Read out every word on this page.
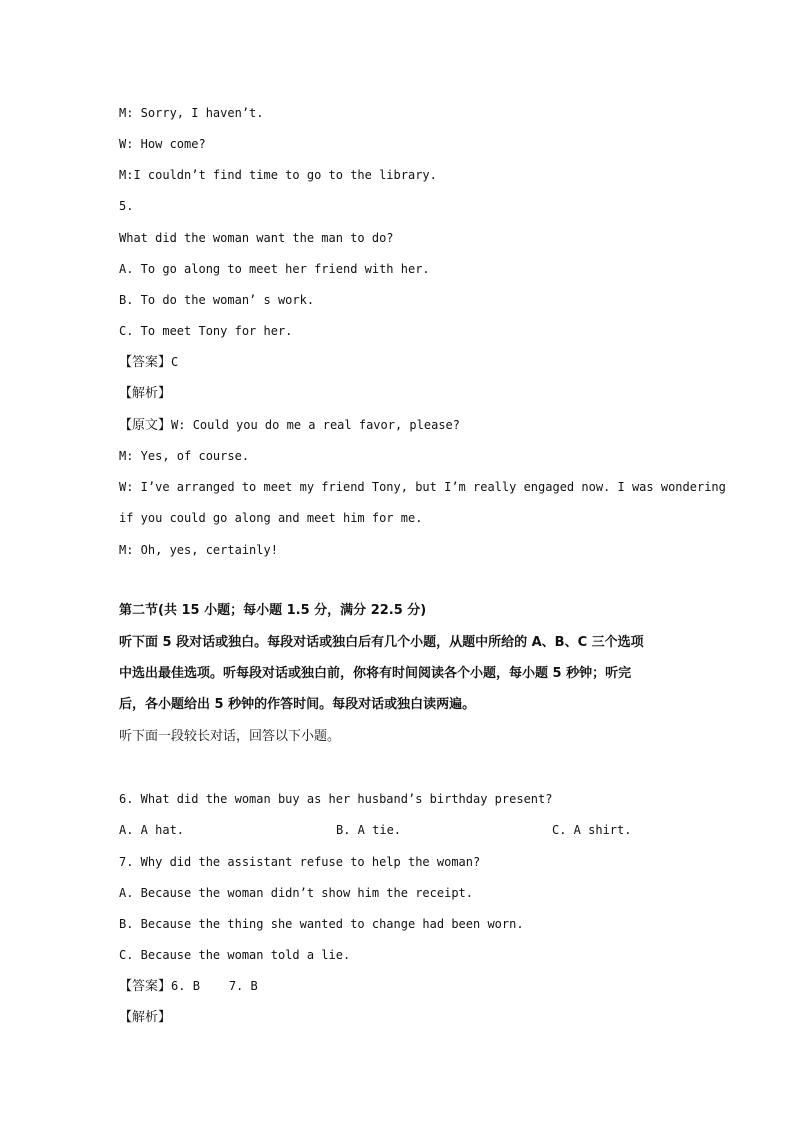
M: Sorry, I haven’t.
W: How come?
M:I couldn’t find time to go to the library.
5.
What did the woman want the man to do?
A. To go along to meet her friend with her.
B. To do the woman’ s work.
C. To meet Tony for her.
【答案】C
【解析】
【原文】W: Could you do me a real favor, please?
M: Yes, of course.
W: I’ve arranged to meet my friend Tony, but I’m really engaged now. I was wondering
if you could go along and meet him for me.
M: Oh, yes, certainly!
第二节(共 15 小题；每小题 1.5 分，满分 22.5 分)
听下面 5 段对话或独白。每段对话或独白后有几个小题，从题中所给的 A、B、C 三个选项
中选出最佳选项。听每段对话或独白前，你将有时间阅读各个小题，每小题 5 秒钟；听完
后，各小题给出 5 秒钟的作答时间。每段对话或独白读两遍。
听下面一段较长对话，回答以下小题。
6. What did the woman buy as her husband’s birthday present?
A. A hat.	B. A tie.	C. A shirt.
7. Why did the assistant refuse to help the woman?
A. Because the woman didn’t show him the receipt.
B. Because the thing she wanted to change had been worn.
C. Because the woman told a lie.
【答案】6. B    7. B
【解析】
